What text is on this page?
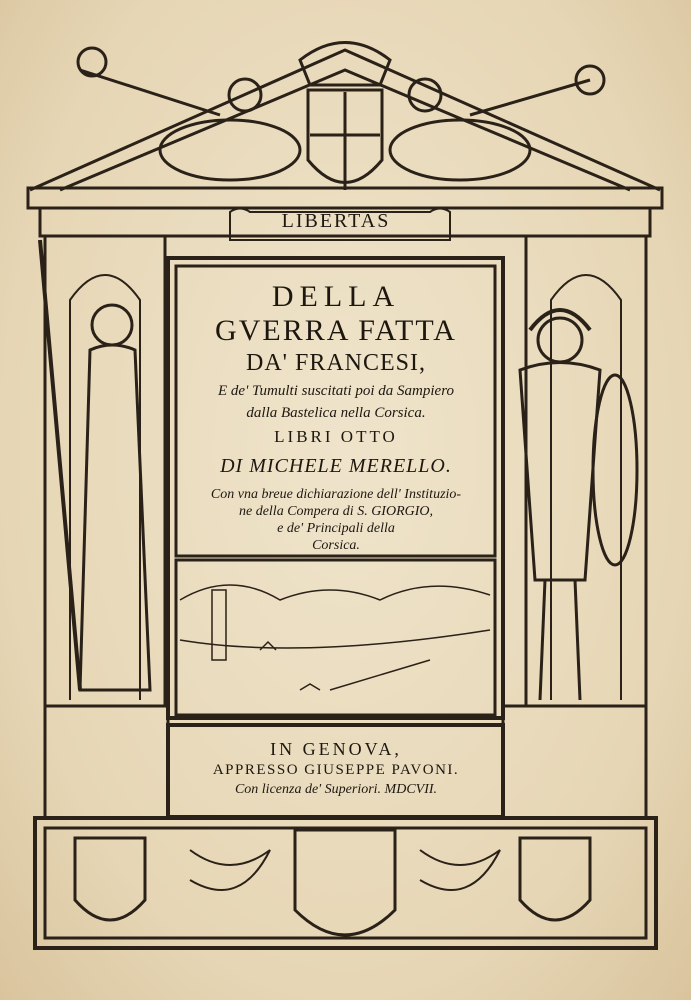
LIBERTAS
DELLA
GVERRA FATTA
DA' FRANCESI,
E de' Tumulti suscitati poi da Sampiero
dalla Bastelica nella Corsica.
LIBRI OTTO
DI MICHELE MERELLO.
Con vna breue dichiarazione dell' Instituzio-
ne della Compera di S. GIORGIO,
e de' Principali della
Corsica.
IN GENOVA,
APPRESSO GIUSEPPE PAVONI.
Con licenza de' Superiori. MDCVII.
